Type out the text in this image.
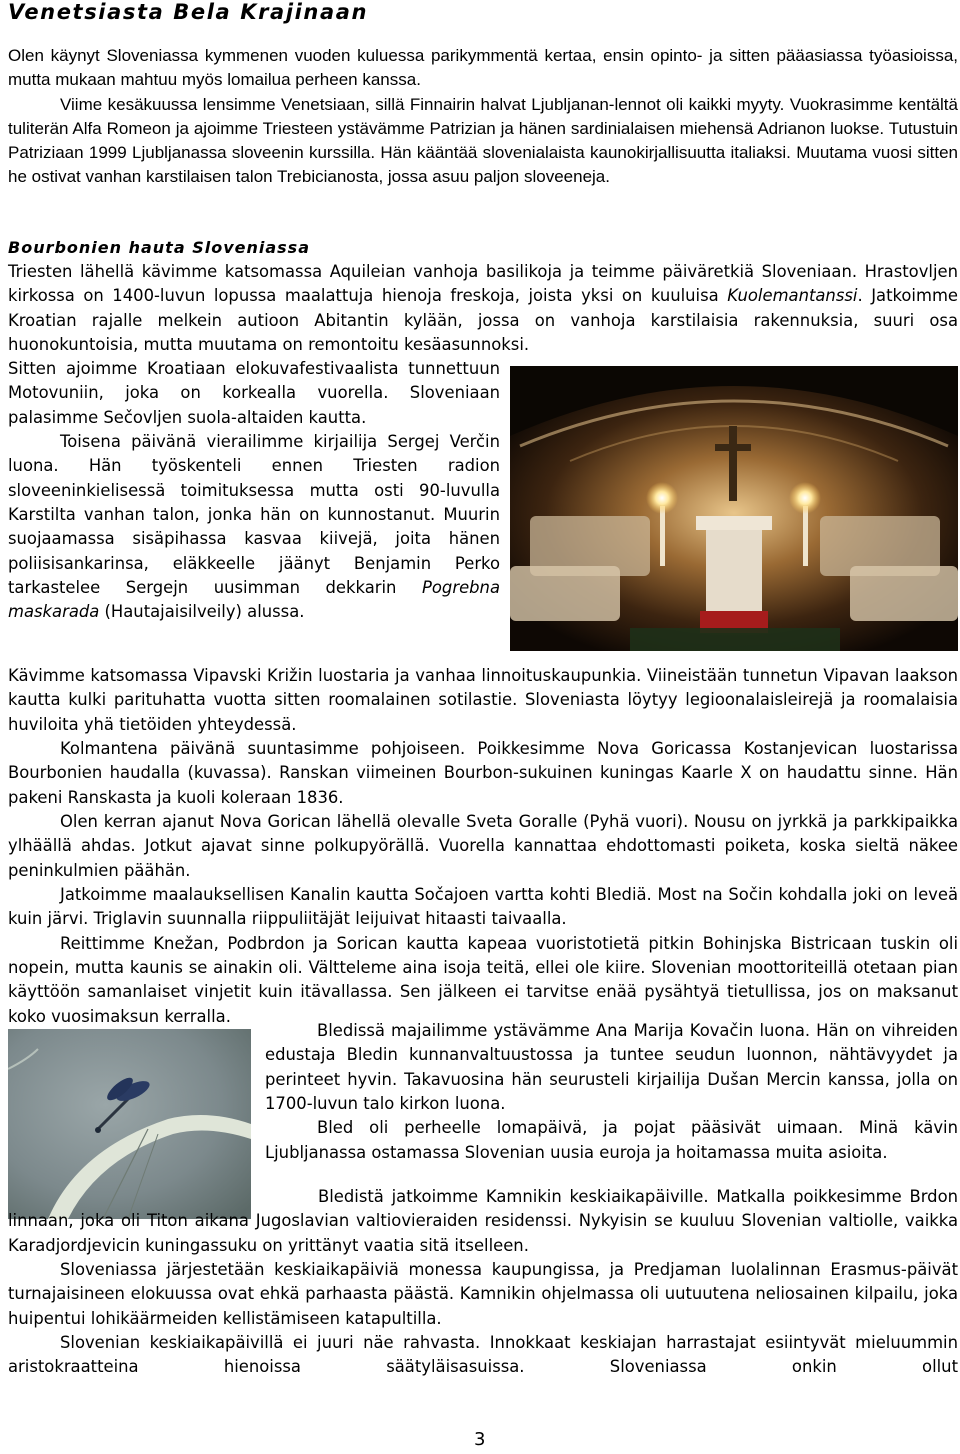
Venetsiasta Bela Krajinaan

Olen käynyt Sloveniassa kymmenen vuoden kuluessa parikymmentä kertaa, ensin opinto- ja sitten pääasiassa työasioissa, mutta mukaan mahtuu myös lomailua perheen kanssa.

Viime kesäkuussa lensimme Venetsiaan, sillä Finnairin halvat Ljubljanan-lennot oli kaikki myyty. Vuokrasimme kentältä tuliterän Alfa Romeon ja ajoimme Triesteen ystävämme Patrizian ja hänen sardinialaisen miehensä Adrianon luokse. Tutustuin Patriziaan 1999 Ljubljanassa sloveenin kurssilla. Hän kääntää slovenialaista kaunokirjallisuutta italiaksi. Muutama vuosi sitten he ostivat vanhan karstilaisen talon Trebicianosta, jossa asuu paljon sloveeneja.

Bourbonien hauta Sloveniassa

Triesten lähellä kävimme katsomassa Aquileian vanhoja basilikoja ja teimme päiväretkiä Sloveniaan. Hrastovljen kirkossa on 1400-luvun lopussa maalattuja hienoja freskoja, joista yksi on kuuluisa Kuolemantanssi. Jatkoimme Kroatian rajalle melkein autioon Abitantin kylään, jossa on vanhoja karstilaisia rakennuksia, suuri osa huonokuntoisia, mutta muutama on remontoitu kesäasunnoksi.

Sitten ajoimme Kroatiaan elokuvafestivaalista tunnettuun Motovuniin, joka on korkealla vuorella. Sloveniaan palasimme Sečovljen suola-altaiden kautta.

Toisena päivänä vierailimme kirjailija Sergej Verčin luona. Hän työskenteli ennen Triesten radion sloveeninkielisessä toimituksessa mutta osti 90-luvulla Karstilta vanhan talon, jonka hän on kunnostanut. Muurin suojaamassa sisäpihassa kasvaa kiivejä, joita hänen poliisisankarinsa, eläkkeelle jäänyt Benjamin Perko tarkastelee Sergejn uusimman dekkarin Pogrebna maskarada (Hautajaisilveily) alussa.

Kävimme katsomassa Vipavski Križin luostaria ja vanhaa linnoituskaupunkia. Viineistään tunnetun Vipavan laakson kautta kulki parituhatta vuotta sitten roomalainen sotilastie. Sloveniasta löytyy legioonalaisleirejä ja roomalaisia huviloita yhä tietöiden yhteydessä.

Kolmantena päivänä suuntasimme pohjoiseen. Poikkesimme Nova Goricassa Kostanjevican luostarissa Bourbonien haudalla (kuvassa). Ranskan viimeinen Bourbon-sukuinen kuningas Kaarle X on haudattu sinne. Hän pakeni Ranskasta ja kuoli koleraan 1836.

Olen kerran ajanut Nova Gorican lähellä olevalle Sveta Goralle (Pyhä vuori). Nousu on jyrkkä ja parkkipaikka ylhäällä ahdas. Jotkut ajavat sinne polkupyörällä. Vuorella kannattaa ehdottomasti poiketa, koska sieltä näkee peninkulmien päähän.

Jatkoimme maalauksellisen Kanalin kautta Sočajoen vartta kohti Blediä. Most na Sočin kohdalla joki on leveä kuin järvi. Triglavin suunnalla riippuliitäjät leijuivat hitaasti taivaalla.

Reittimme Knežan, Podbrdon ja Sorican kautta kapeaa vuoristotietä pitkin Bohinjska Bistricaan tuskin oli nopein, mutta kaunis se ainakin oli. Vältteleme aina isoja teitä, ellei ole kiire. Slovenian moottoriteillä otetaan pian käyttöön samanlaiset vinjetit kuin itävallassa. Sen jälkeen ei tarvitse enää pysähtyä tietullissa, jos on maksanut koko vuosimaksun kerralla.

Bledissä majailimme ystävämme Ana Marija Kovačin luona. Hän on vihreiden edustaja Bledin kunnanvaltuustossa ja tuntee seudun luonnon, nähtävyydet ja perinteet hyvin. Takavuosina hän seurusteli kirjailija Dušan Mercin kanssa, jolla on 1700-luvun talo kirkon luona.

Bled oli perheelle lomapäivä, ja pojat pääsivät uimaan. Minä kävin Ljubljanassa ostamassa Slovenian uusia euroja ja hoitamassa muita asioita.

Bledistä jatkoimme Kamnikin keskiaikapäiville. Matkalla poikkesimme Brdon linnaan, joka oli Titon aikana Jugoslavian valtiovieraiden residenssi. Nykyisin se kuuluu Slovenian valtiolle, vaikka Karadjordjevicin kuningassuku on yrittänyt vaatia sitä itselleen.

Sloveniassa järjestetään keskiaikapäiviä monessa kaupungissa, ja Predjaman luolalinnan Erasmus-päivät turnajaisineen elokuussa ovat ehkä parhaasta päästä. Kamnikin ohjelmassa oli uutuutena neliosainen kilpailu, joka huipentui lohikäärmeiden kellistämiseen katapultilla.

Slovenian keskiaikapäivillä ei juuri näe rahvasta. Innokkaat keskiajan harrastajat esiintyvät mieluummin aristokraatteina hienoissa säätyläisasuissa. Sloveniassa onkin ollut

3
